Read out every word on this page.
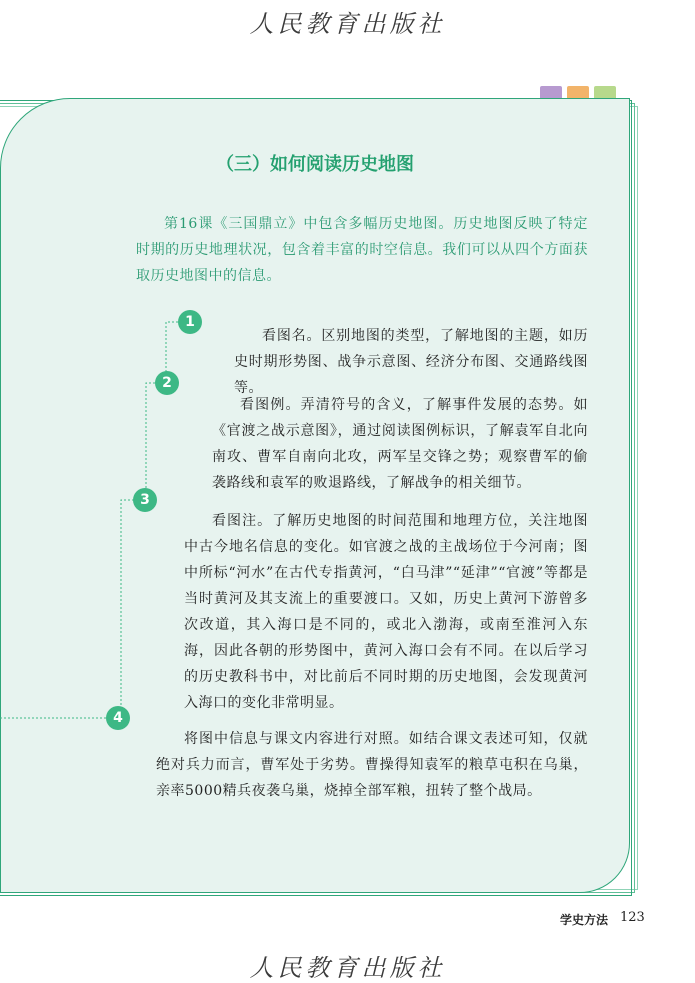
人民教育出版社
（三）如何阅读历史地图
第16课《三国鼎立》中包含多幅历史地图。历史地图反映了特定时期的历史地理状况，包含着丰富的时空信息。我们可以从四个方面获取历史地图中的信息。
1
2
3
4
看图名。区别地图的类型，了解地图的主题，如历史时期形势图、战争示意图、经济分布图、交通路线图等。
看图例。弄清符号的含义，了解事件发展的态势。如《官渡之战示意图》，通过阅读图例标识，了解袁军自北向南攻、曹军自南向北攻，两军呈交锋之势；观察曹军的偷袭路线和袁军的败退路线，了解战争的相关细节。
看图注。了解历史地图的时间范围和地理方位，关注地图中古今地名信息的变化。如官渡之战的主战场位于今河南；图中所标“河水”在古代专指黄河，“白马津”“延津”“官渡”等都是当时黄河及其支流上的重要渡口。又如，历史上黄河下游曾多次改道，其入海口是不同的，或北入渤海，或南至淮河入东海，因此各朝的形势图中，黄河入海口会有不同。在以后学习的历史教科书中，对比前后不同时期的历史地图，会发现黄河入海口的变化非常明显。
将图中信息与课文内容进行对照。如结合课文表述可知，仅就绝对兵力而言，曹军处于劣势。曹操得知袁军的粮草屯积在乌巢，亲率5000精兵夜袭乌巢，烧掉全部军粮，扭转了整个战局。
学史方法 123
人民教育出版社
